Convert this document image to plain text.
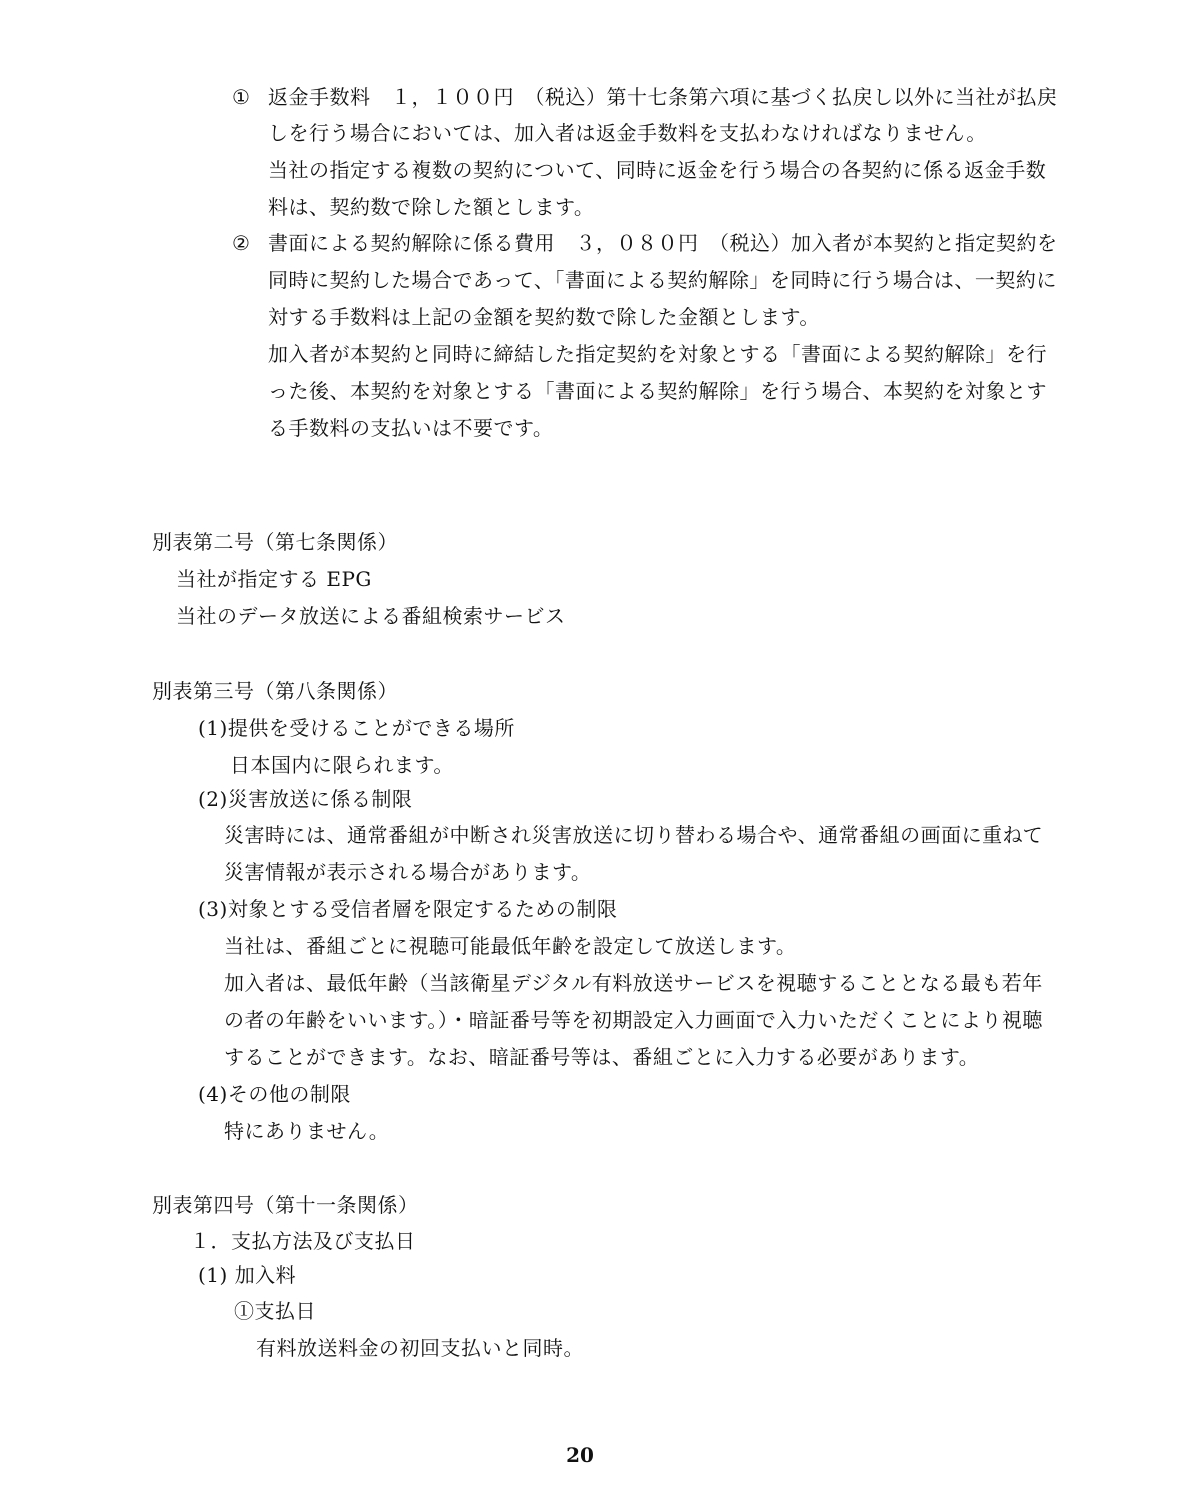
① 返金手数料　１，１００円　（税込）第十七条第六項に基づく払戻し以外に当社が払戻
しを行う場合においては、加入者は返金手数料を支払わなければなりません。
当社の指定する複数の契約について、同時に返金を行う場合の各契約に係る返金手数
料は、契約数で除した額とします。
② 書面による契約解除に係る費用　３，０８０円　（税込）加入者が本契約と指定契約を
同時に契約した場合であって、「書面による契約解除」を同時に行う場合は、一契約に
対する手数料は上記の金額を契約数で除した金額とします。
加入者が本契約と同時に締結した指定契約を対象とする「書面による契約解除」を行
った後、本契約を対象とする「書面による契約解除」を行う場合、本契約を対象とす
る手数料の支払いは不要です。
別表第二号（第七条関係）
当社が指定する EPG
当社のデータ放送による番組検索サービス
別表第三号（第八条関係）
(1)提供を受けることができる場所
日本国内に限られます。
(2)災害放送に係る制限
災害時には、通常番組が中断され災害放送に切り替わる場合や、通常番組の画面に重ねて
災害情報が表示される場合があります。
(3)対象とする受信者層を限定するための制限
当社は、番組ごとに視聴可能最低年齢を設定して放送します。
加入者は、最低年齢（当該衛星デジタル有料放送サービスを視聴することとなる最も若年
の者の年齢をいいます。）・暗証番号等を初期設定入力画面で入力いただくことにより視聴
することができます。なお、暗証番号等は、番組ごとに入力する必要があります。
(4)その他の制限
特にありません。
別表第四号（第十一条関係）
１．支払方法及び支払日
(1) 加入料
①支払日
有料放送料金の初回支払いと同時。
20
